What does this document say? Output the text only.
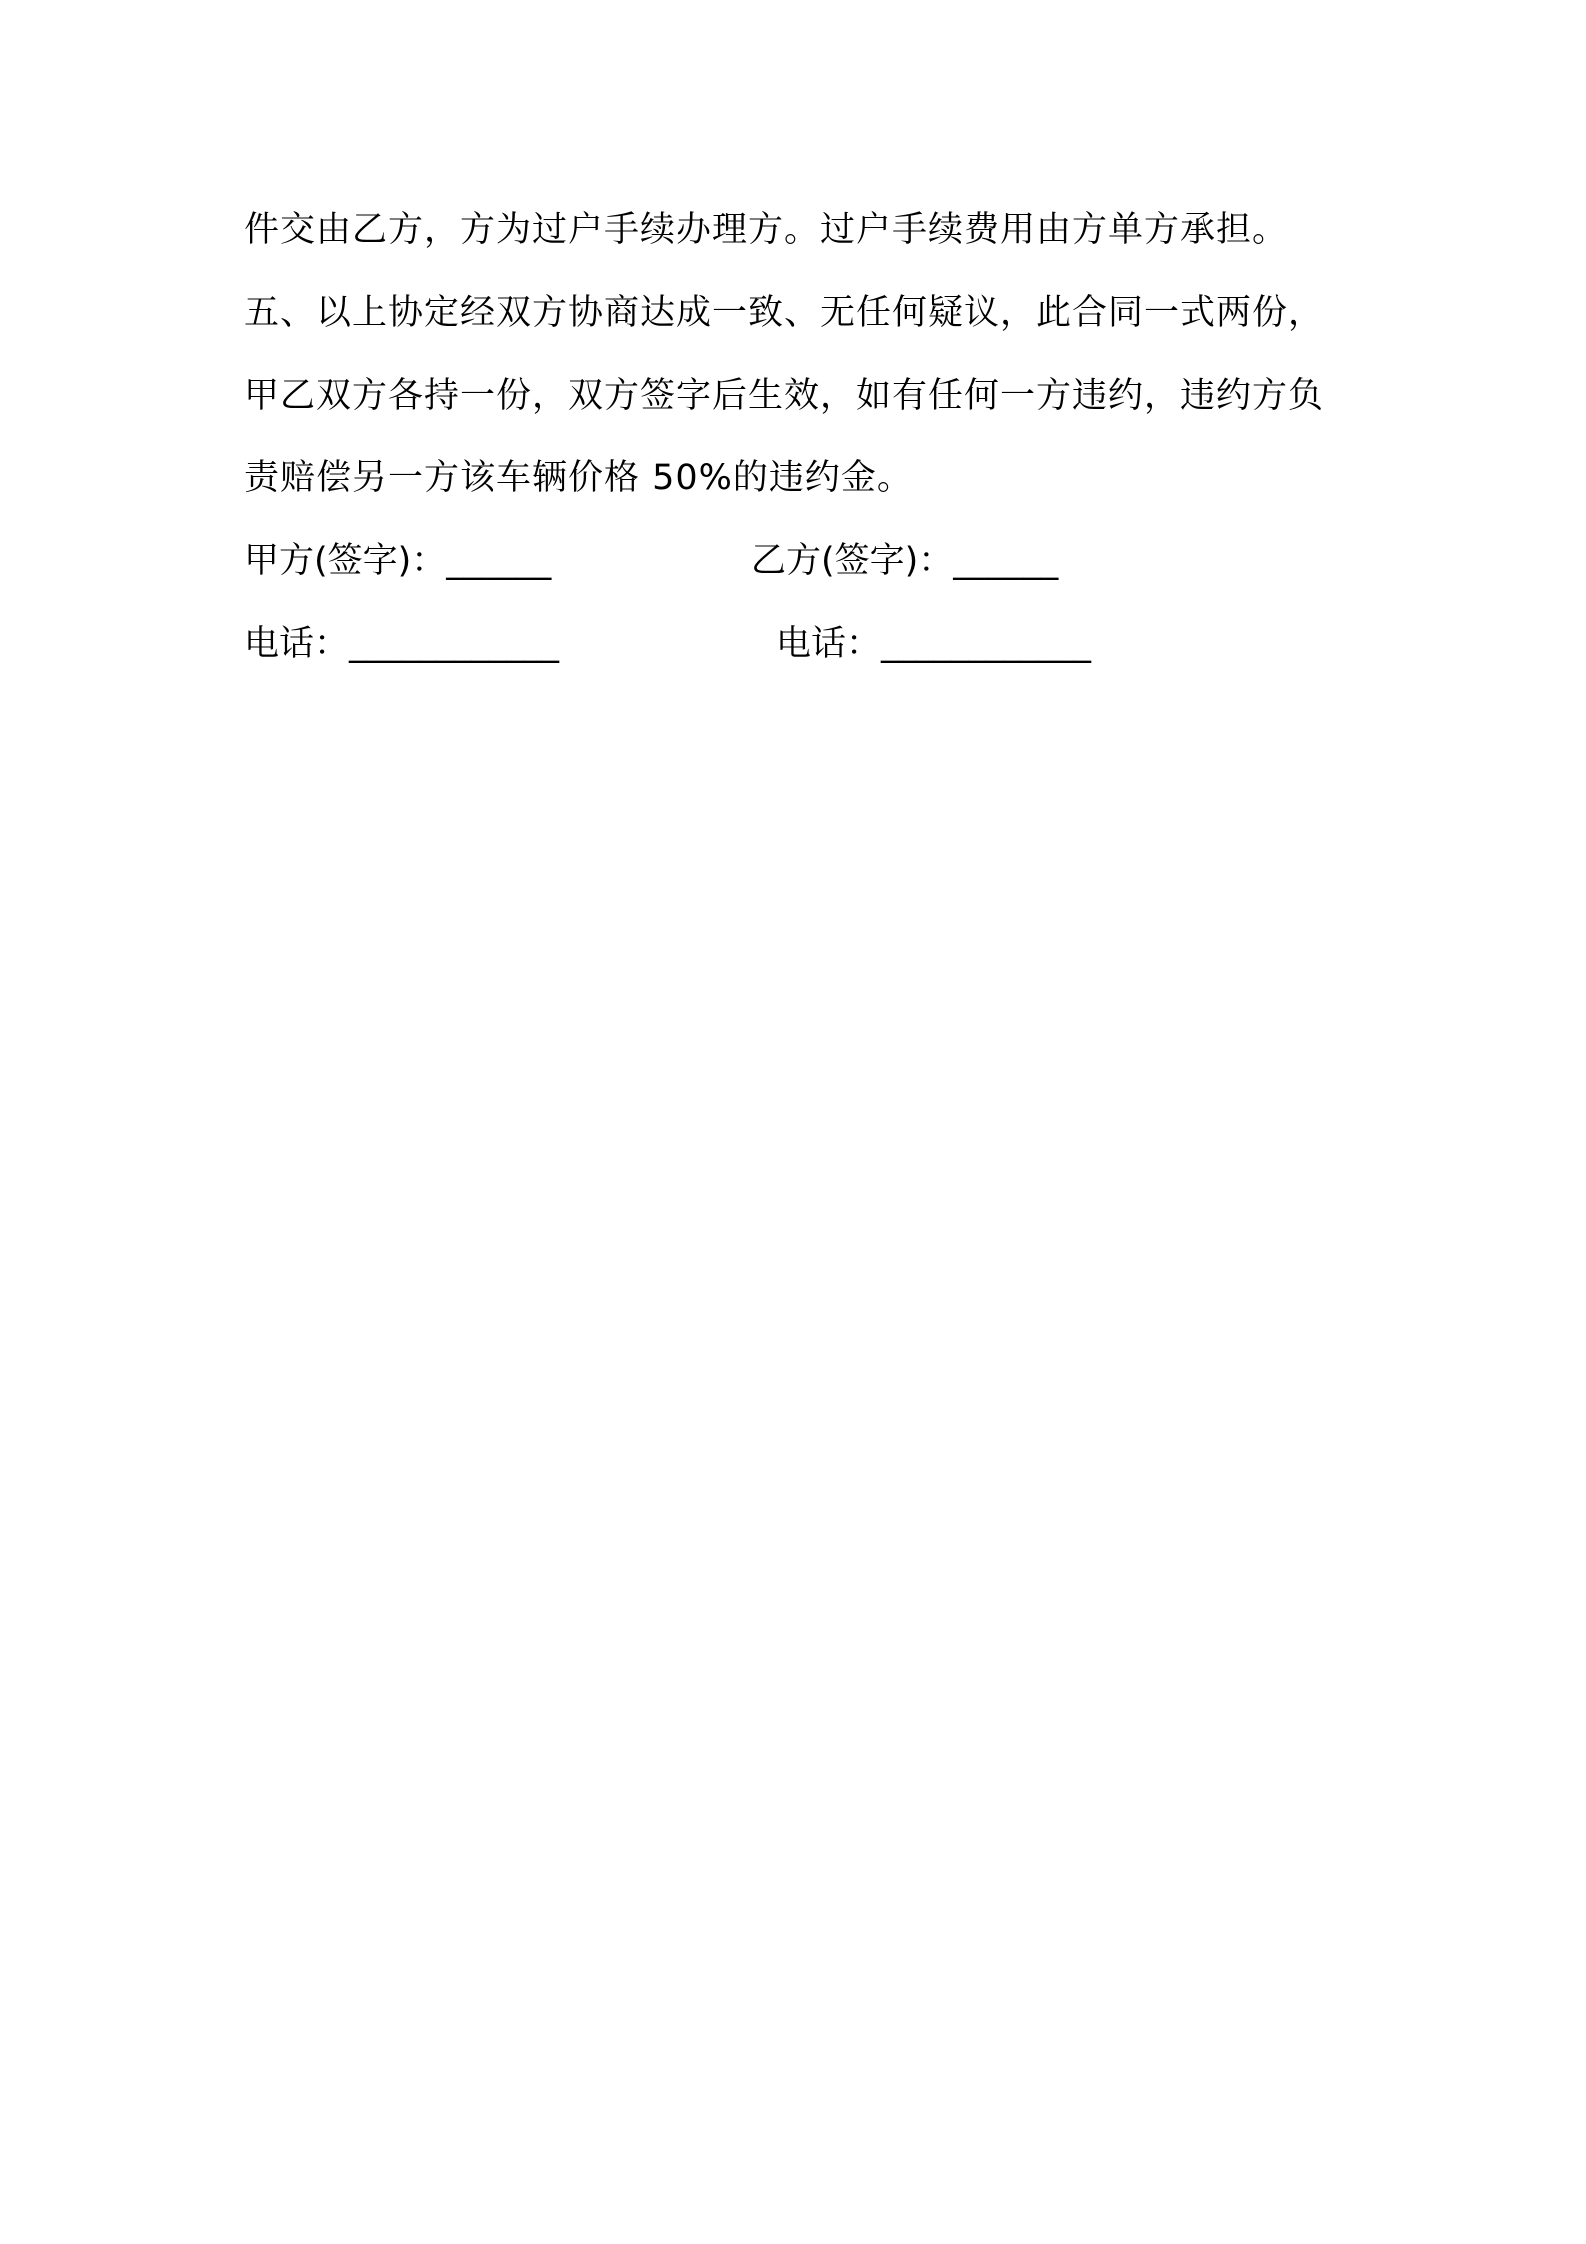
件交由乙方，方为过户手续办理方。过户手续费用由方单方承担。
五、以上协定经双方协商达成一致、无任何疑议，此合同一式两份，
甲乙双方各持一份，双方签字后生效，如有任何一方违约，违约方负
责赔偿另一方该车辆价格 50%的违约金。
甲方(签字)：______	乙方(签字)：______
电话：____________	电话：____________
